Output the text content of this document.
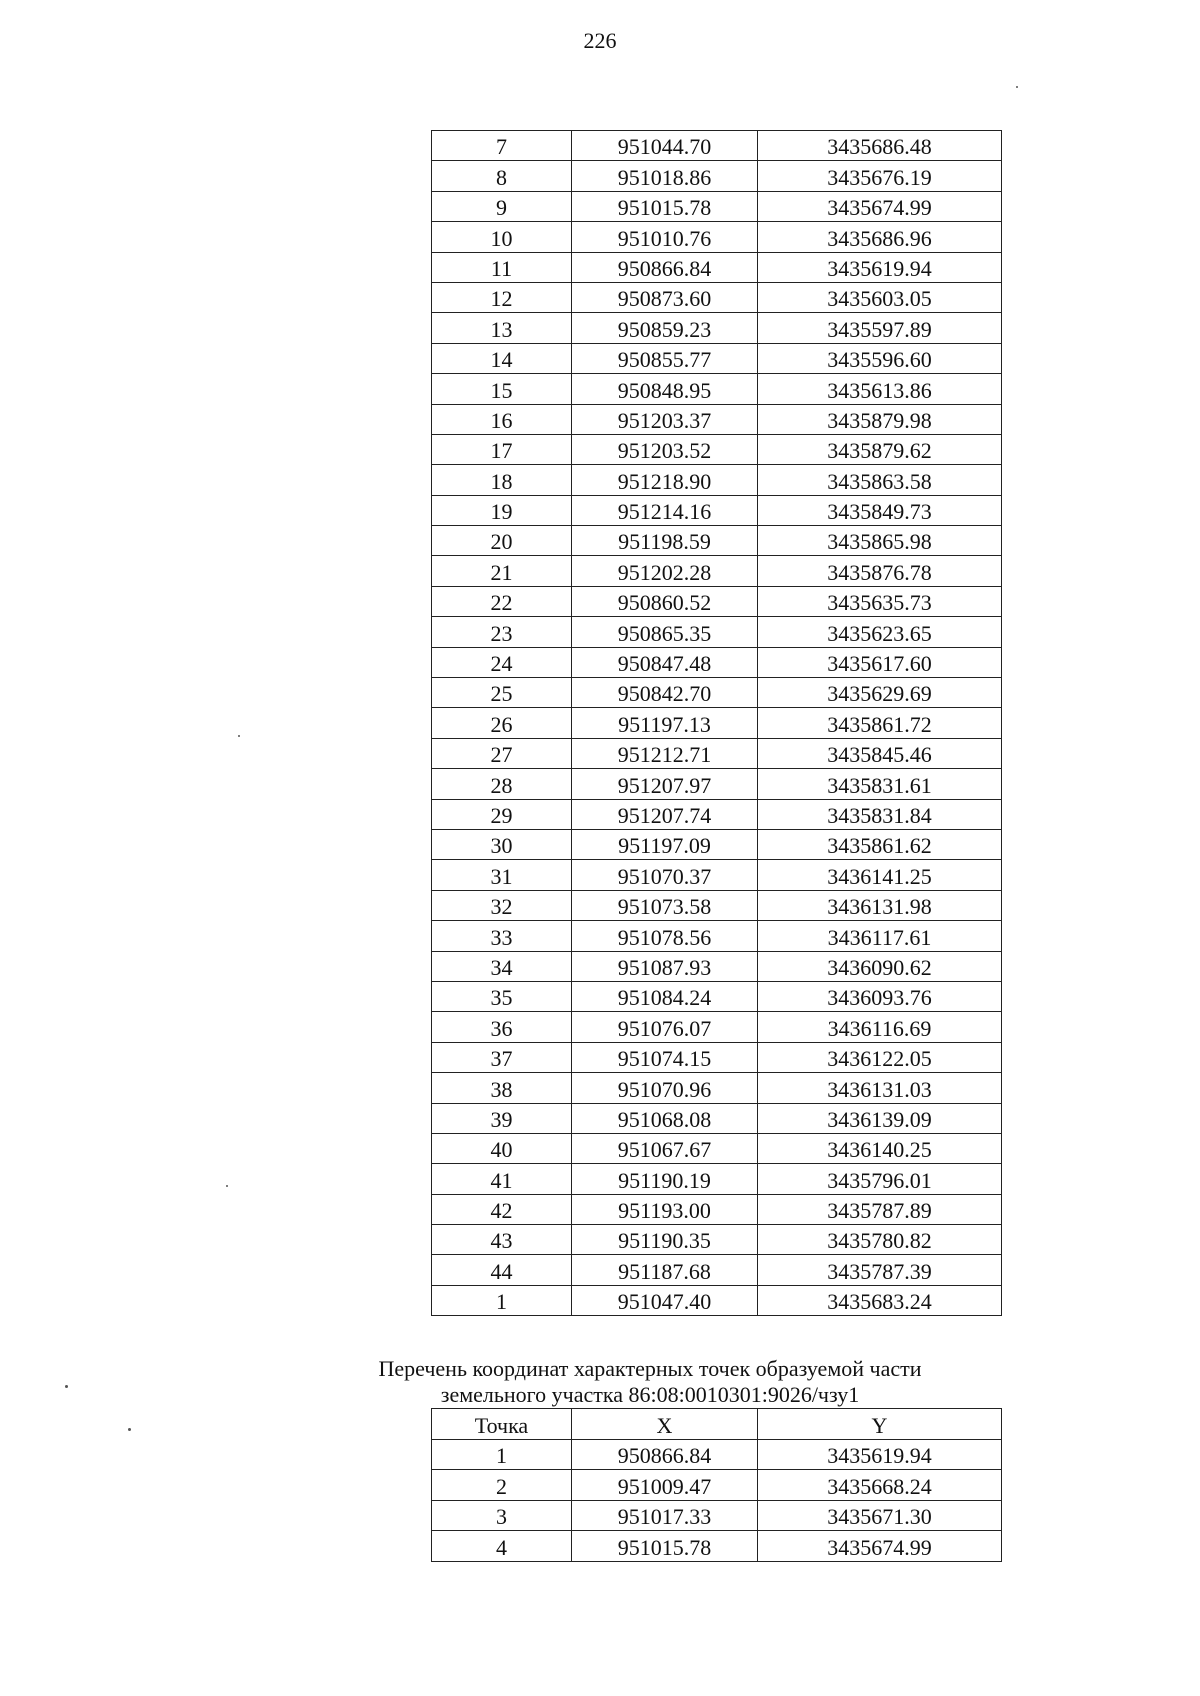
226
7	951044.70	3435686.48
8	951018.86	3435676.19
9	951015.78	3435674.99
10	951010.76	3435686.96
11	950866.84	3435619.94
12	950873.60	3435603.05
13	950859.23	3435597.89
14	950855.77	3435596.60
15	950848.95	3435613.86
16	951203.37	3435879.98
17	951203.52	3435879.62
18	951218.90	3435863.58
19	951214.16	3435849.73
20	951198.59	3435865.98
21	951202.28	3435876.78
22	950860.52	3435635.73
23	950865.35	3435623.65
24	950847.48	3435617.60
25	950842.70	3435629.69
26	951197.13	3435861.72
27	951212.71	3435845.46
28	951207.97	3435831.61
29	951207.74	3435831.84
30	951197.09	3435861.62
31	951070.37	3436141.25
32	951073.58	3436131.98
33	951078.56	3436117.61
34	951087.93	3436090.62
35	951084.24	3436093.76
36	951076.07	3436116.69
37	951074.15	3436122.05
38	951070.96	3436131.03
39	951068.08	3436139.09
40	951067.67	3436140.25
41	951190.19	3435796.01
42	951193.00	3435787.89
43	951190.35	3435780.82
44	951187.68	3435787.39
1	951047.40	3435683.24
Перечень координат характерных точек образуемой части
земельного участка 86:08:0010301:9026/чзу1
Точка	X	Y
1	950866.84	3435619.94
2	951009.47	3435668.24
3	951017.33	3435671.30
4	951015.78	3435674.99
